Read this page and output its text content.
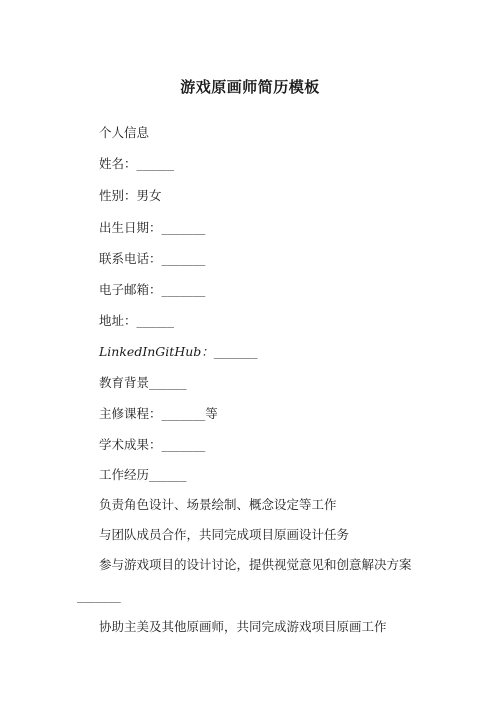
游戏原画师简历模板
个人信息
姓名：______
性别：男女
出生日期：_______
联系电话：_______
电子邮箱：_______
地址：______
LinkedInGitHub：_______
教育背景______
主修课程：_______等
学术成果：_______
工作经历______
负责角色设计、场景绘制、概念设定等工作
与团队成员合作，共同完成项目原画设计任务
参与游戏项目的设计讨论，提供视觉意见和创意解决方案
_______
协助主美及其他原画师，共同完成游戏项目原画工作
